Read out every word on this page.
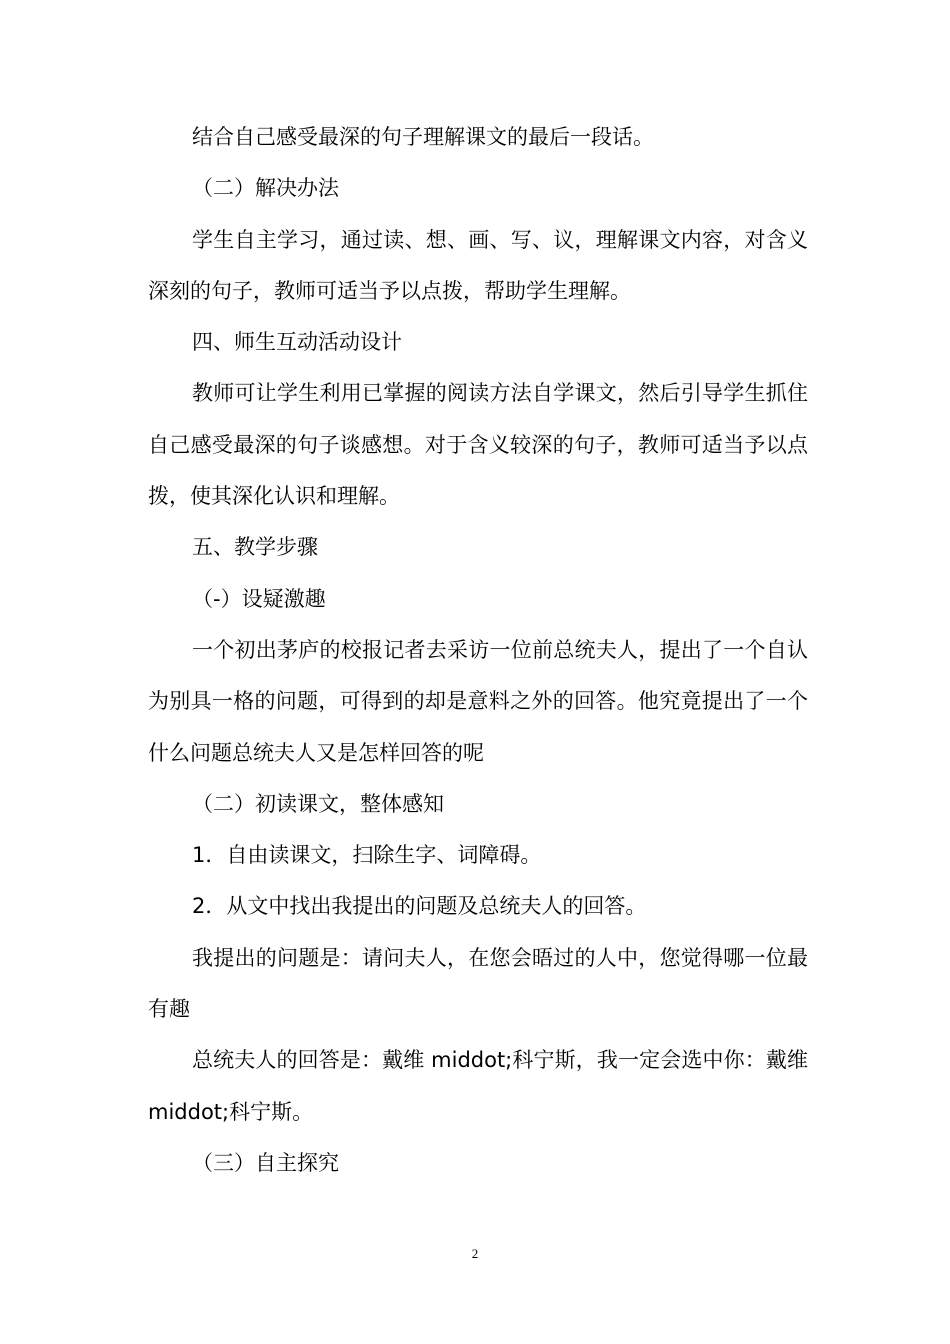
结合自己感受最深的句子理解课文的最后一段话。

（二）解决办法

学生自主学习，通过读、想、画、写、议，理解课文内容，对含义深刻的句子，教师可适当予以点拨，帮助学生理解。

四、师生互动活动设计

教师可让学生利用已掌握的阅读方法自学课文，然后引导学生抓住自己感受最深的句子谈感想。对于含义较深的句子，教师可适当予以点拨，使其深化认识和理解。

五、教学步骤

（-）设疑激趣

一个初出茅庐的校报记者去采访一位前总统夫人，提出了一个自认为别具一格的问题，可得到的却是意料之外的回答。他究竟提出了一个什么问题总统夫人又是怎样回答的呢

（二）初读课文，整体感知

1．自由读课文，扫除生字、词障碍。

2．从文中找出我提出的问题及总统夫人的回答。

我提出的问题是：请问夫人，在您会晤过的人中，您觉得哪一位最有趣

总统夫人的回答是：戴维 middot;科宁斯，我一定会选中你：戴维 middot;科宁斯。

（三）自主探究

2
